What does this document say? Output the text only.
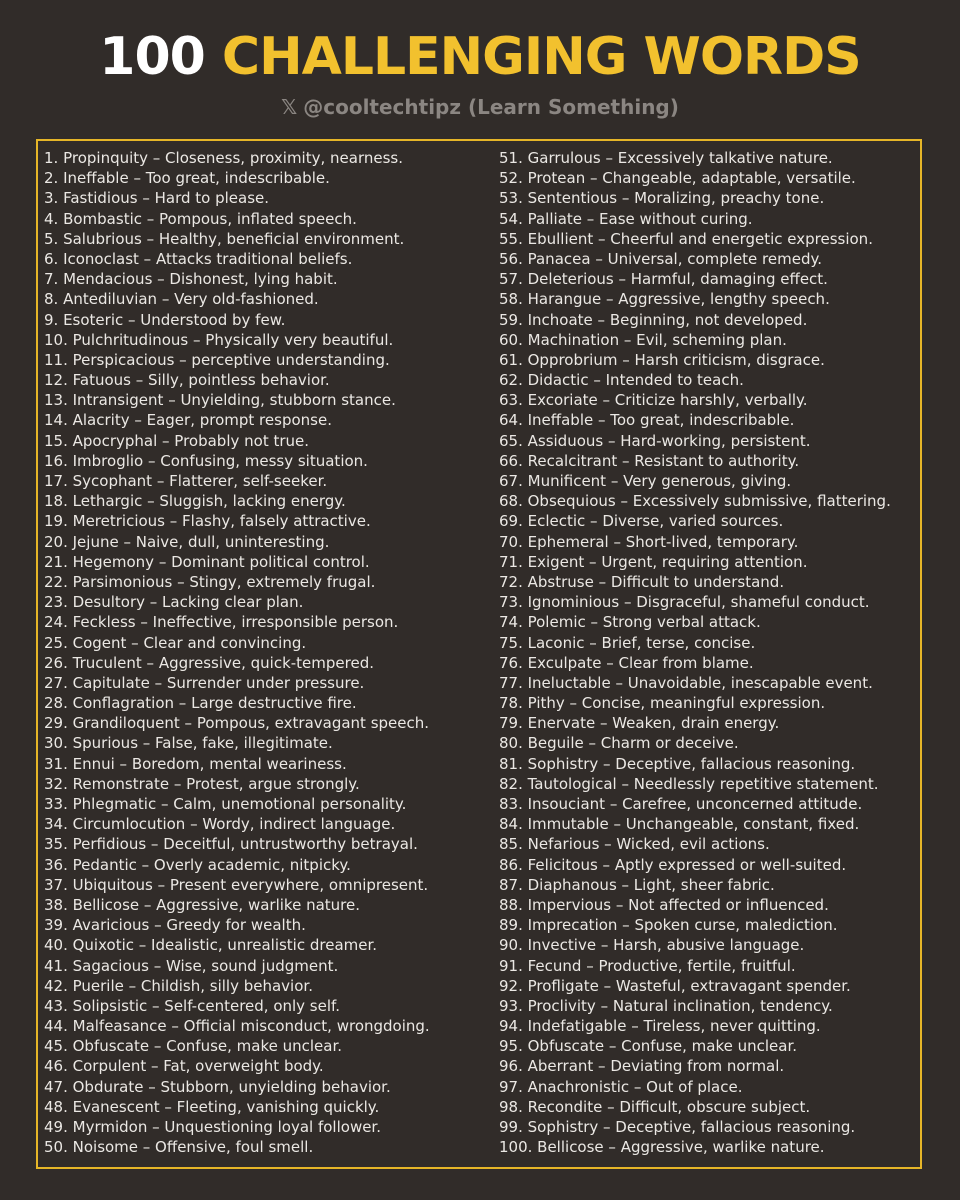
100 CHALLENGING WORDS
𝕏 @cooltechtipz (Learn Something)
1. Propinquity – Closeness, proximity, nearness.
2. Ineffable – Too great, indescribable.
3. Fastidious – Hard to please.
4. Bombastic – Pompous, inflated speech.
5. Salubrious – Healthy, beneficial environment.
6. Iconoclast – Attacks traditional beliefs.
7. Mendacious – Dishonest, lying habit.
8. Antediluvian – Very old-fashioned.
9. Esoteric – Understood by few.
10. Pulchritudinous – Physically very beautiful.
11. Perspicacious – perceptive understanding.
12. Fatuous – Silly, pointless behavior.
13. Intransigent – Unyielding, stubborn stance.
14. Alacrity – Eager, prompt response.
15. Apocryphal – Probably not true.
16. Imbroglio – Confusing, messy situation.
17. Sycophant – Flatterer, self-seeker.
18. Lethargic – Sluggish, lacking energy.
19. Meretricious – Flashy, falsely attractive.
20. Jejune – Naive, dull, uninteresting.
21. Hegemony – Dominant political control.
22. Parsimonious – Stingy, extremely frugal.
23. Desultory – Lacking clear plan.
24. Feckless – Ineffective, irresponsible person.
25. Cogent – Clear and convincing.
26. Truculent – Aggressive, quick-tempered.
27. Capitulate – Surrender under pressure.
28. Conflagration – Large destructive fire.
29. Grandiloquent – Pompous, extravagant speech.
30. Spurious – False, fake, illegitimate.
31. Ennui – Boredom, mental weariness.
32. Remonstrate – Protest, argue strongly.
33. Phlegmatic – Calm, unemotional personality.
34. Circumlocution – Wordy, indirect language.
35. Perfidious – Deceitful, untrustworthy betrayal.
36. Pedantic – Overly academic, nitpicky.
37. Ubiquitous – Present everywhere, omnipresent.
38. Bellicose – Aggressive, warlike nature.
39. Avaricious – Greedy for wealth.
40. Quixotic – Idealistic, unrealistic dreamer.
41. Sagacious – Wise, sound judgment.
42. Puerile – Childish, silly behavior.
43. Solipsistic – Self-centered, only self.
44. Malfeasance – Official misconduct, wrongdoing.
45. Obfuscate – Confuse, make unclear.
46. Corpulent – Fat, overweight body.
47. Obdurate – Stubborn, unyielding behavior.
48. Evanescent – Fleeting, vanishing quickly.
49. Myrmidon – Unquestioning loyal follower.
50. Noisome – Offensive, foul smell.
51. Garrulous – Excessively talkative nature.
52. Protean – Changeable, adaptable, versatile.
53. Sententious – Moralizing, preachy tone.
54. Palliate – Ease without curing.
55. Ebullient – Cheerful and energetic expression.
56. Panacea – Universal, complete remedy.
57. Deleterious – Harmful, damaging effect.
58. Harangue – Aggressive, lengthy speech.
59. Inchoate – Beginning, not developed.
60. Machination – Evil, scheming plan.
61. Opprobrium – Harsh criticism, disgrace.
62. Didactic – Intended to teach.
63. Excoriate – Criticize harshly, verbally.
64. Ineffable – Too great, indescribable.
65. Assiduous – Hard-working, persistent.
66. Recalcitrant – Resistant to authority.
67. Munificent – Very generous, giving.
68. Obsequious – Excessively submissive, flattering.
69. Eclectic – Diverse, varied sources.
70. Ephemeral – Short-lived, temporary.
71. Exigent – Urgent, requiring attention.
72. Abstruse – Difficult to understand.
73. Ignominious – Disgraceful, shameful conduct.
74. Polemic – Strong verbal attack.
75. Laconic – Brief, terse, concise.
76. Exculpate – Clear from blame.
77. Ineluctable – Unavoidable, inescapable event.
78. Pithy – Concise, meaningful expression.
79. Enervate – Weaken, drain energy.
80. Beguile – Charm or deceive.
81. Sophistry – Deceptive, fallacious reasoning.
82. Tautological – Needlessly repetitive statement.
83. Insouciant – Carefree, unconcerned attitude.
84. Immutable – Unchangeable, constant, fixed.
85. Nefarious – Wicked, evil actions.
86. Felicitous – Aptly expressed or well-suited.
87. Diaphanous – Light, sheer fabric.
88. Impervious – Not affected or influenced.
89. Imprecation – Spoken curse, malediction.
90. Invective – Harsh, abusive language.
91. Fecund – Productive, fertile, fruitful.
92. Profligate – Wasteful, extravagant spender.
93. Proclivity – Natural inclination, tendency.
94. Indefatigable – Tireless, never quitting.
95. Obfuscate – Confuse, make unclear.
96. Aberrant – Deviating from normal.
97. Anachronistic – Out of place.
98. Recondite – Difficult, obscure subject.
99. Sophistry – Deceptive, fallacious reasoning.
100. Bellicose – Aggressive, warlike nature.
